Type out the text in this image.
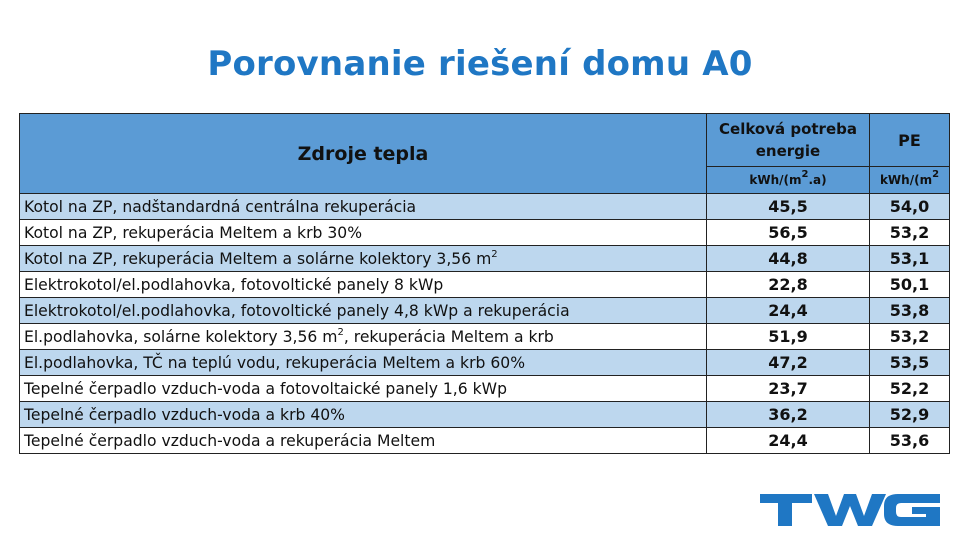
Porovnanie riešení domu A0
Zdroje tepla	Celková potreba energie	PE
	kWh/$(m^2.a)$	kWh/($m^2$
Kotol na ZP, nadštandardná centrálna rekuperácia	45,5	54,0
Kotol na ZP, rekuperácia Meltem a krb 30%	56,5	53,2
Kotol na ZP, rekuperácia Meltem a solárne kolektory 3,56 $m^2$	44,8	53,1
Elektrokotol/el.podlahovka, fotovoltické panely 8 kWp	22,8	50,1
Elektrokotol/el.podlahovka, fotovoltické panely 4,8 kWp a rekuperácia	24,4	53,8
El.podlahovka, solárne kolektory 3,56 $m^2$, rekuperácia Meltem a krb	51,9	53,2
El.podlahovka, TČ na teplú vodu, rekuperácia Meltem a krb 60%	47,2	53,5
Tepelné čerpadlo vzduch-voda a fotovoltaické panely 1,6 kWp	23,7	52,2
Tepelné čerpadlo vzduch-voda a krb 40%	36,2	52,9
Tepelné čerpadlo vzduch-voda a rekuperácia Meltem	24,4	53,6
